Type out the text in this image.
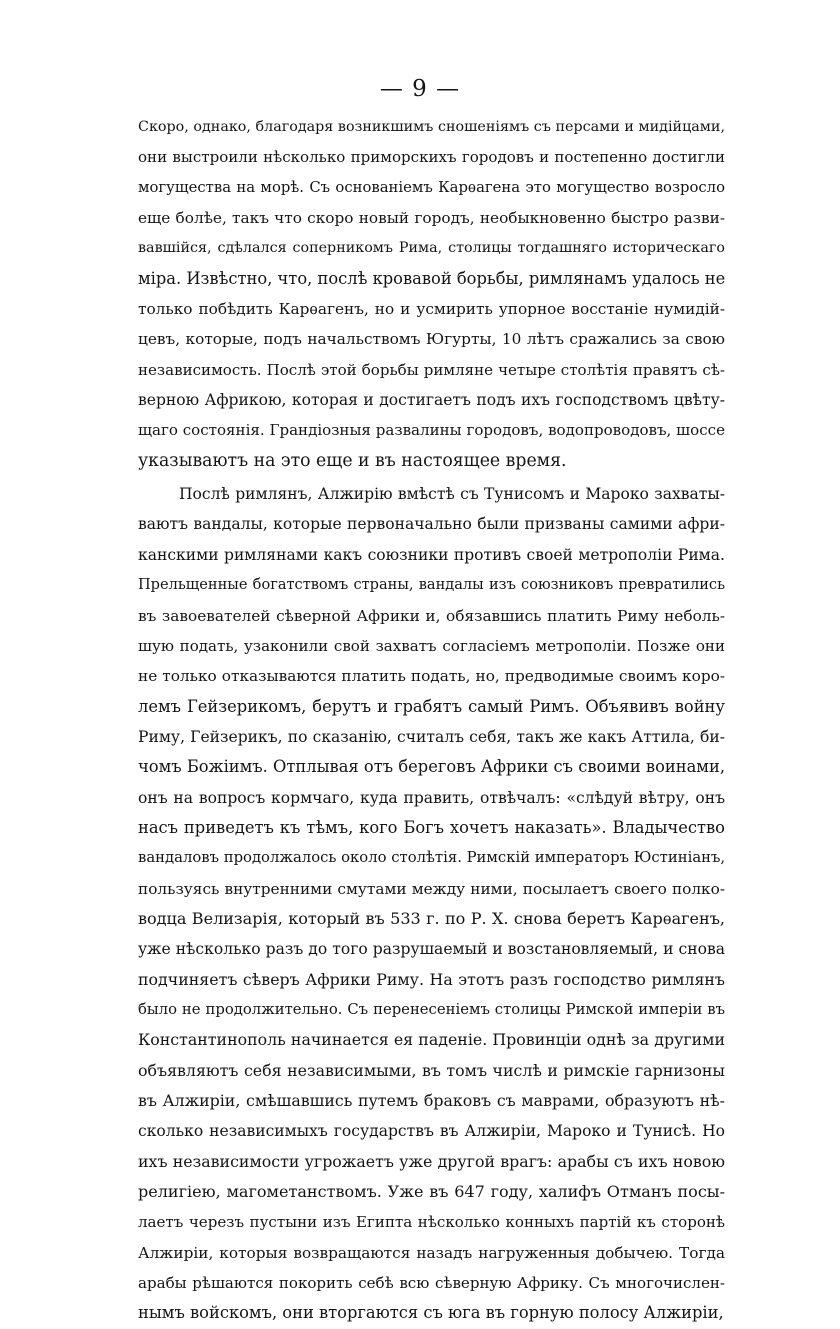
— 9 —
Скоро, однако, благодаря возникшимъ сношеніямъ съ персами и мидійцами,
они выстроили нѣсколько приморскихъ городовъ и постепенно достигли
могущества на морѣ. Съ основаніемъ Карѳагена это могущество возросло
еще болѣе, такъ что скоро новый городъ, необыкновенно быстро разви-
вавшійся, сдѣлался соперникомъ Рима, столицы тогдашняго историческаго
міра. Извѣстно, что, послѣ кровавой борьбы, римлянамъ удалось не
только побѣдить Карѳагенъ, но и усмирить упорное восстаніе нумидій-
цевъ, которые, подъ начальствомъ Югурты, 10 лѣтъ сражались за свою
независимость. Послѣ этой борьбы римляне четыре столѣтія правятъ сѣ-
верною Африкою, которая и достигаетъ подъ ихъ господствомъ цвѣту-
щаго состоянія. Грандіозныя развалины городовъ, водопроводовъ, шоссе
указываютъ на это еще и въ настоящее время.
Послѣ римлянъ, Алжирію вмѣстѣ съ Тунисомъ и Мароко захваты-
ваютъ вандалы, которые первоначально были призваны самими афри-
канскими римлянами какъ союзники противъ своей метрополіи Рима.
Прельщенные богатствомъ страны, вандалы изъ союзниковъ превратились
въ завоевателей сѣверной Африки и, обязавшись платить Риму неболь-
шую подать, узаконили свой захватъ согласіемъ метрополіи. Позже они
не только отказываются платить подать, но, предводимые своимъ коро-
лемъ Гейзерикомъ, берутъ и грабятъ самый Римъ. Объявивъ войну
Риму, Гейзерикъ, по сказанію, считалъ себя, такъ же какъ Аттила, би-
чомъ Божіимъ. Отплывая отъ береговъ Африки съ своими воинами,
онъ на вопросъ кормчаго, куда править, отвѣчалъ: «слѣдуй вѣтру, онъ
насъ приведетъ къ тѣмъ, кого Богъ хочетъ наказать». Владычество
вандаловъ продолжалось около столѣтія. Римскій императоръ Юстиніанъ,
пользуясь внутренними смутами между ними, посылаетъ своего полко-
водца Велизарія, который въ 533 г. по Р. Х. снова беретъ Карѳагенъ,
уже нѣсколько разъ до того разрушаемый и возстановляемый, и снова
подчиняетъ сѣверъ Африки Риму. На этотъ разъ господство римлянъ
было не продолжительно. Съ перенесеніемъ столицы Римской имперіи въ
Константинополь начинается ея паденіе. Провинціи однѣ за другими
объявляютъ себя независимыми, въ томъ числѣ и римскіе гарнизоны
въ Алжиріи, смѣшавшись путемъ браковъ съ маврами, образуютъ нѣ-
сколько независимыхъ государствъ въ Алжиріи, Мароко и Тунисѣ. Но
ихъ независимости угрожаетъ уже другой врагъ: арабы съ ихъ новою
религіею, магометанствомъ. Уже въ 647 году, халифъ Отманъ посы-
лаетъ черезъ пустыни изъ Египта нѣсколько конныхъ партій къ сторонѣ
Алжиріи, которыя возвращаются назадъ нагруженныя добычею. Тогда
арабы рѣшаются покорить себѣ всю сѣверную Африку. Съ многочислен-
нымъ войскомъ, они вторгаются съ юга въ горную полосу Алжиріи,
